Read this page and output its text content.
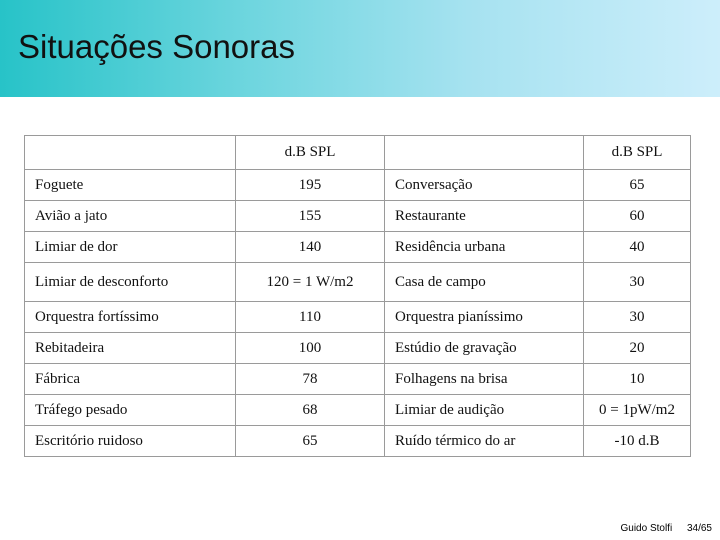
Situações Sonoras
	d.B SPL		d.B SPL
Foguete	195	Conversação	65
Avião a jato	155	Restaurante	60
Limiar de dor	140	Residência urbana	40
Limiar de desconforto	120 = 1 W/m2	Casa de campo	30
Orquestra fortíssimo	110	Orquestra pianíssimo	30
Rebitadeira	100	Estúdio de gravação	20
Fábrica	78	Folhagens na brisa	10
Tráfego pesado	68	Limiar de audição	0 = 1pW/m2
Escritório ruidoso	65	Ruído térmico do ar	-10 d.B
Guido Stolfi 34/65
